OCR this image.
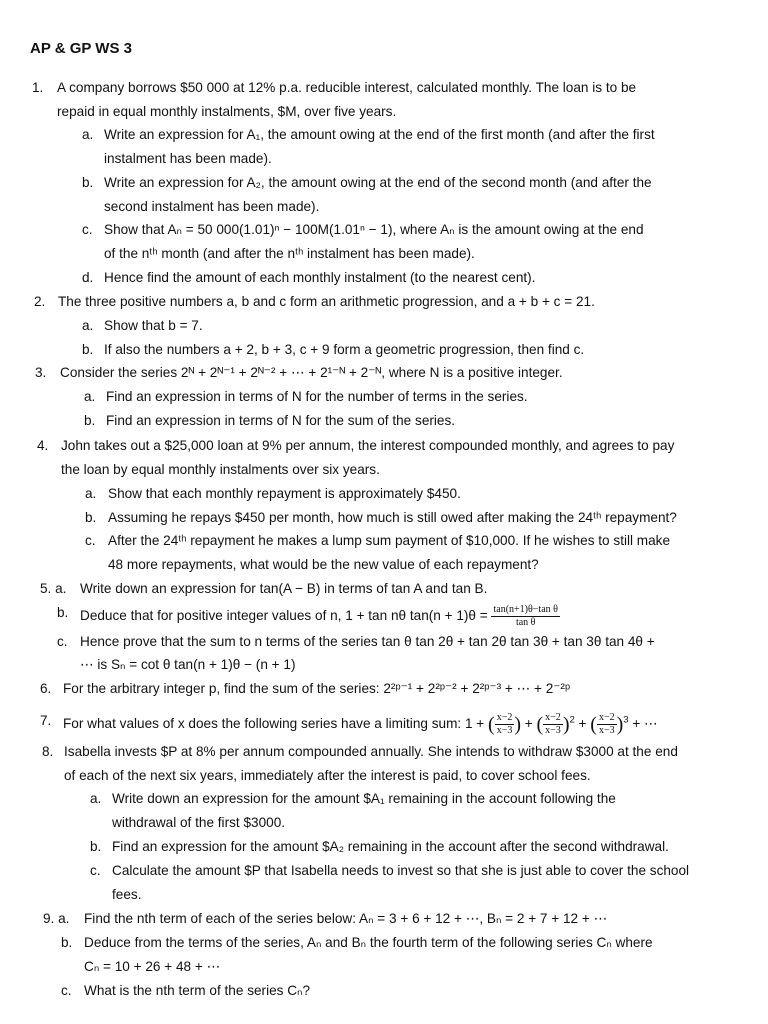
AP & GP WS 3
1. A company borrows $50 000 at 12% p.a. reducible interest, calculated monthly. The loan is to be
repaid in equal monthly instalments, $M, over five years.
a. Write an expression for A₁, the amount owing at the end of the first month (and after the first
instalment has been made).
b. Write an expression for A₂, the amount owing at the end of the second month (and after the
second instalment has been made).
c. Show that Aₙ = 50 000(1.01)ⁿ − 100M(1.01ⁿ − 1), where Aₙ is the amount owing at the end
of the nᵗʰ month (and after the nᵗʰ instalment has been made).
d. Hence find the amount of each monthly instalment (to the nearest cent).
2. The three positive numbers a, b and c form an arithmetic progression, and a + b + c = 21.
a. Show that b = 7.
b. If also the numbers a + 2, b + 3, c + 9 form a geometric progression, then find c.
3. Consider the series 2ᴺ + 2ᴺ⁻¹ + 2ᴺ⁻² + ⋯ + 2¹⁻ᴺ + 2⁻ᴺ, where N is a positive integer.
a. Find an expression in terms of N for the number of terms in the series.
b. Find an expression in terms of N for the sum of the series.
4. John takes out a $25,000 loan at 9% per annum, the interest compounded monthly, and agrees to pay
the loan by equal monthly instalments over six years.
a. Show that each monthly repayment is approximately $450.
b. Assuming he repays $450 per month, how much is still owed after making the 24ᵗʰ repayment?
c. After the 24ᵗʰ repayment he makes a lump sum payment of $10,000. If he wishes to still make
48 more repayments, what would be the new value of each repayment?
5. a. Write down an expression for tan(A − B) in terms of tan A and tan B.
b. Deduce that for positive integer values of n, 1 + tan nθ $\tan(n + 1)\theta = \frac{\text{tan(n+1)θ−tan θ}}{\text{tan θ}}$
c. Hence prove that the sum to n terms of the series tan θ tan 2θ + tan 2θ tan 3θ + tan 3θ tan 4θ +
⋯ is Sₙ = cot θ tan(n + 1)θ − (n + 1)
6. For the arbitrary integer p, find the sum of the series: 2²ᵖ⁻¹ + 2²ᵖ⁻² + 2²ᵖ⁻³ + ⋯ + 2⁻²ᵖ
7. For what values of x does the following series have a limiting sum: 1 + ( $\frac{x-2}{x-3}$ ) + ( $\frac{x-2}{x-3} )^2$ + ( $\frac{x-2}{x-3} )^3$ + ⋯
8. Isabella invests $P at 8% per annum compounded annually. She intends to withdraw $3000 at the end
of each of the next six years, immediately after the interest is paid, to cover school fees.
a. Write down an expression for the amount $A₁ remaining in the account following the
withdrawal of the first $3000.
b. Find an expression for the amount $A₂ remaining in the account after the second withdrawal.
c. Calculate the amount $P that Isabella needs to invest so that she is just able to cover the school
fees.
9. a. Find the nth term of each of the series below: Aₙ = 3 + 6 + 12 + ⋯, Bₙ = 2 + 7 + 12 + ⋯
b. Deduce from the terms of the series, Aₙ and Bₙ the fourth term of the following series Cₙ where
Cₙ = 10 + 26 + 48 + ⋯
c. What is the nth term of the series Cₙ?
